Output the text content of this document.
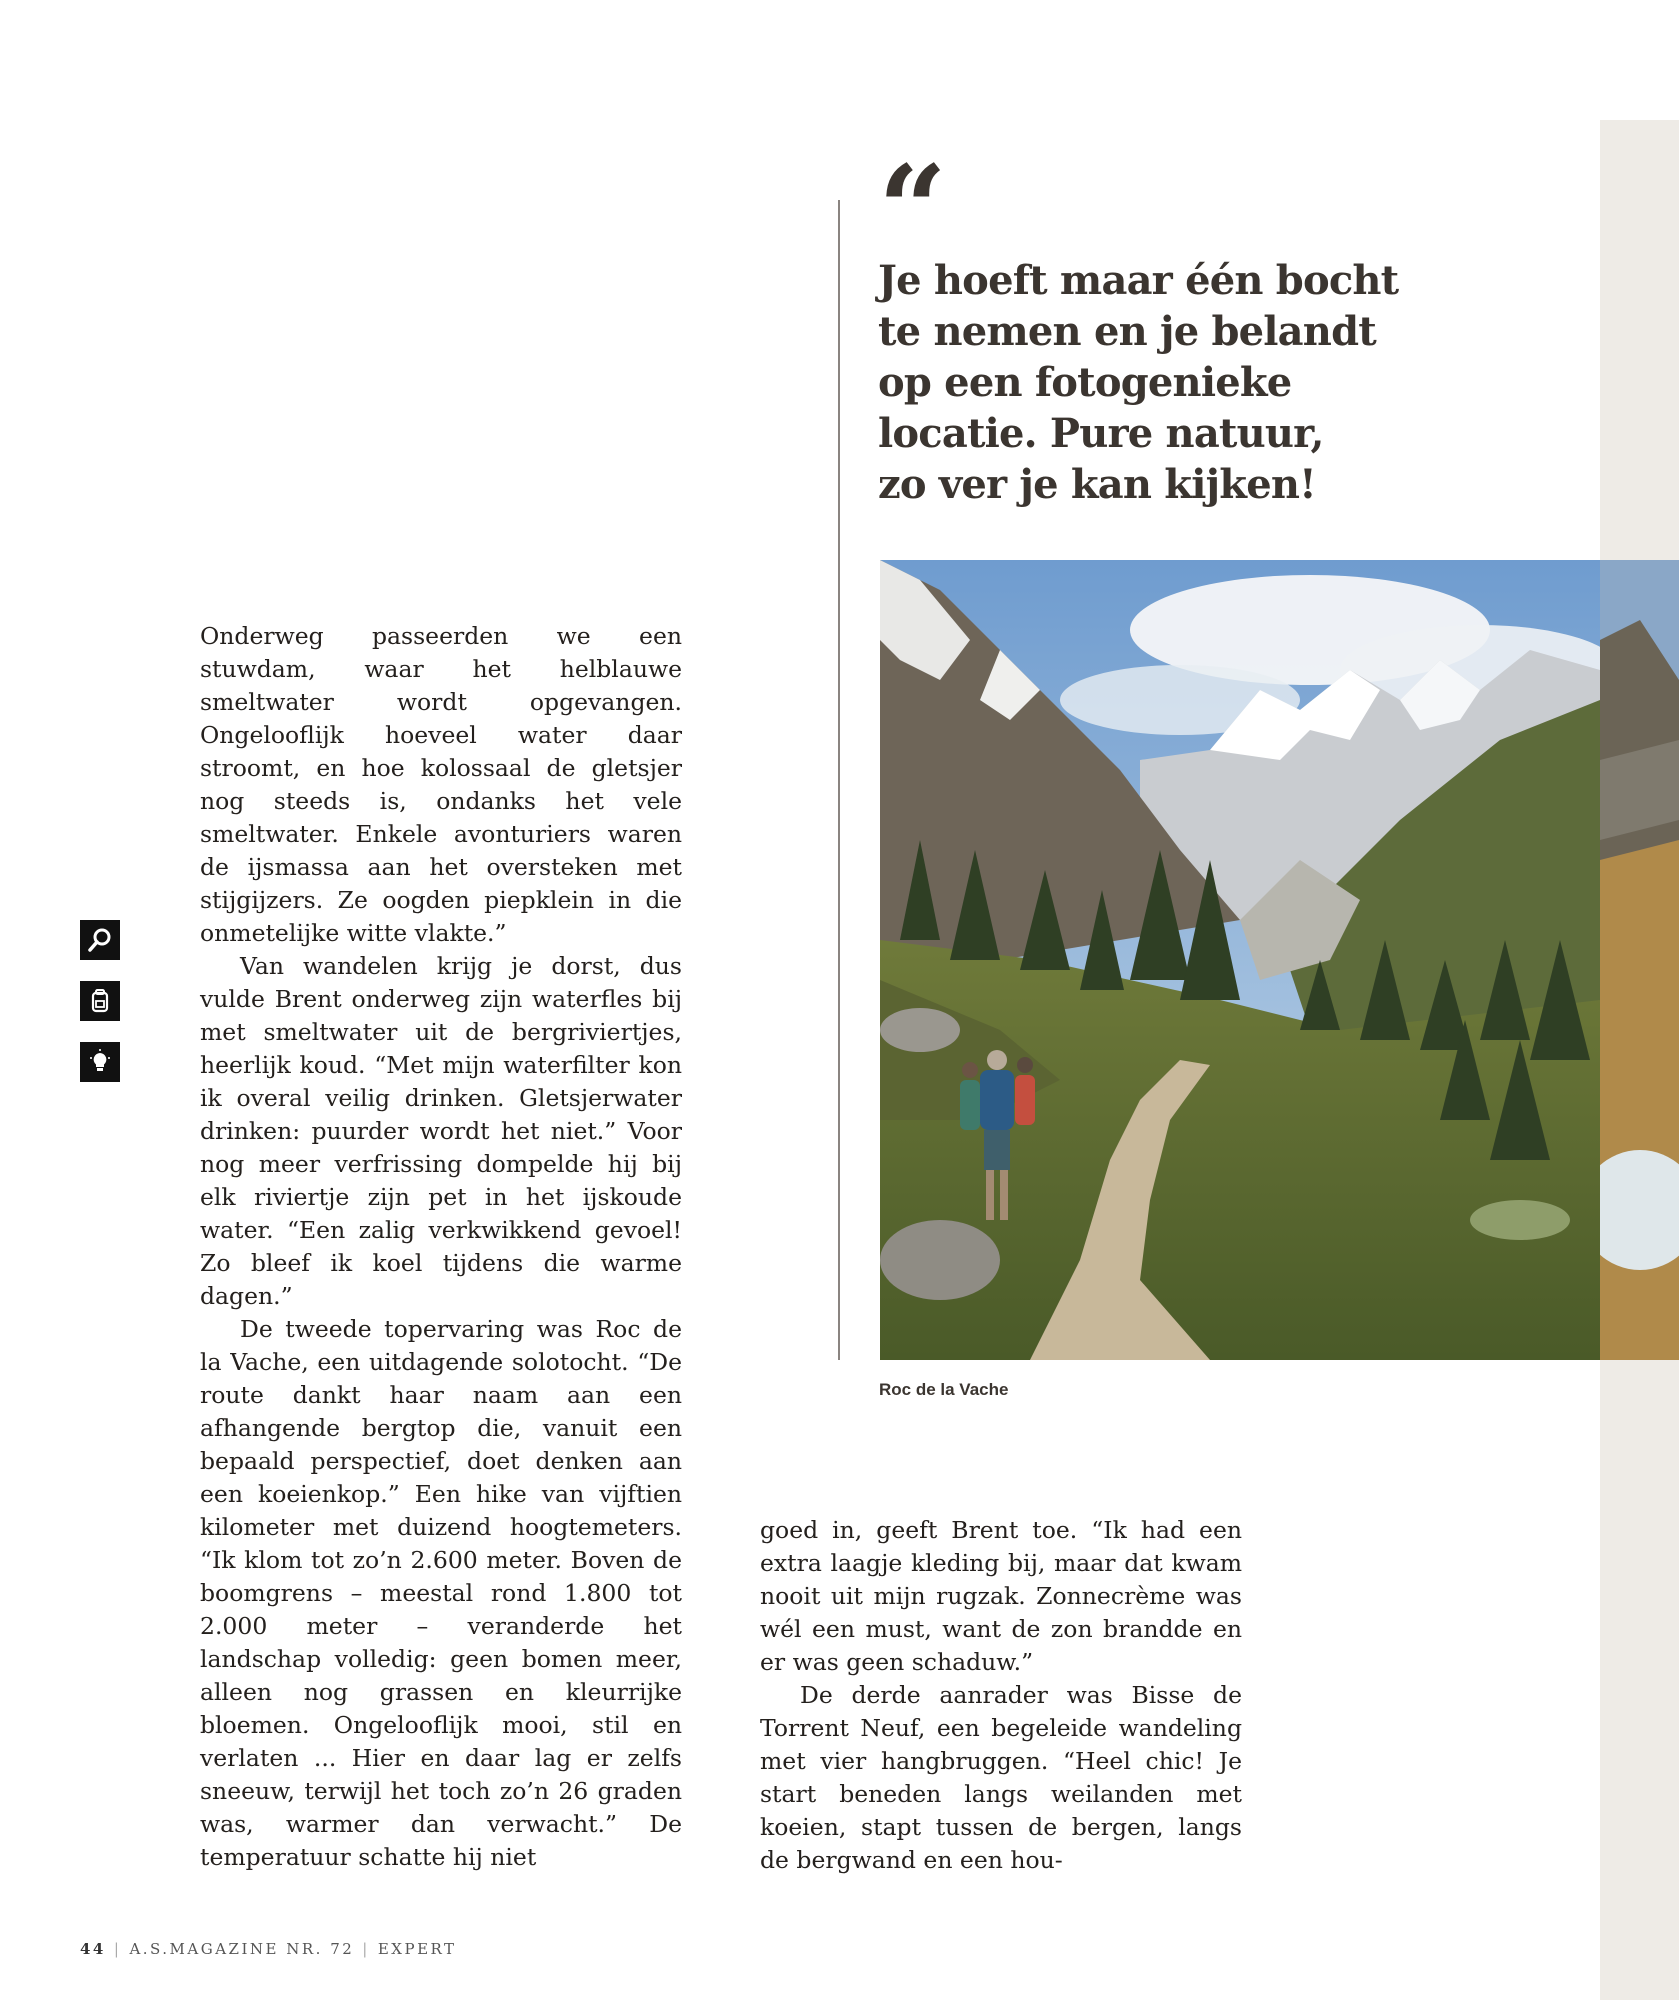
“
Je hoeft maar één bocht
te nemen en je belandt
op een fotogenieke
locatie. Pure natuur,
zo ver je kan kijken!
Roc de la Vache

Onderweg passeerden we een stuwdam, waar het helblauwe smeltwater wordt opgevangen. Ongelooflijk hoeveel water daar stroomt, en hoe kolossaal de gletsjer nog steeds is, ondanks het vele smeltwater. Enkele avonturiers waren de ijsmassa aan het oversteken met stijgijzers. Ze oogden piepklein in die onmetelijke witte vlakte.”

Van wandelen krijg je dorst, dus vulde Brent onderweg zijn waterfles bij met smeltwater uit de bergriviertjes, heerlijk koud. “Met mijn waterfilter kon ik overal veilig drinken. Gletsjerwater drinken: puurder wordt het niet.” Voor nog meer verfrissing dompelde hij bij elk riviertje zijn pet in het ijskoude water. “Een zalig verkwikkend gevoel! Zo bleef ik koel tijdens die warme dagen.”

De tweede topervaring was Roc de la Vache, een uitdagende solotocht. “De route dankt haar naam aan een afhangende bergtop die, vanuit een bepaald perspectief, doet denken aan een koeienkop.” Een hike van vijftien kilometer met duizend hoogtemeters. “Ik klom tot zo’n 2.600 meter. Boven de boomgrens – meestal rond 1.800 tot 2.000 meter – veranderde het landschap volledig: geen bomen meer, alleen nog grassen en kleurrijke bloemen. Ongelooflijk mooi, stil en verlaten ... Hier en daar lag er zelfs sneeuw, terwijl het toch zo’n 26 graden was, warmer dan verwacht.” De temperatuur schatte hij niet

goed in, geeft Brent toe. “Ik had een extra laagje kleding bij, maar dat kwam nooit uit mijn rugzak. Zonnecrème was wél een must, want de zon brandde en er was geen schaduw.”

De derde aanrader was Bisse de Torrent Neuf, een begeleide wandeling met vier hangbruggen. “Heel chic! Je start beneden langs weilanden met koeien, stapt tussen de bergen, langs de bergwand en een hou-

44 | A.S.MAGAZINE NR. 72 | EXPERT
